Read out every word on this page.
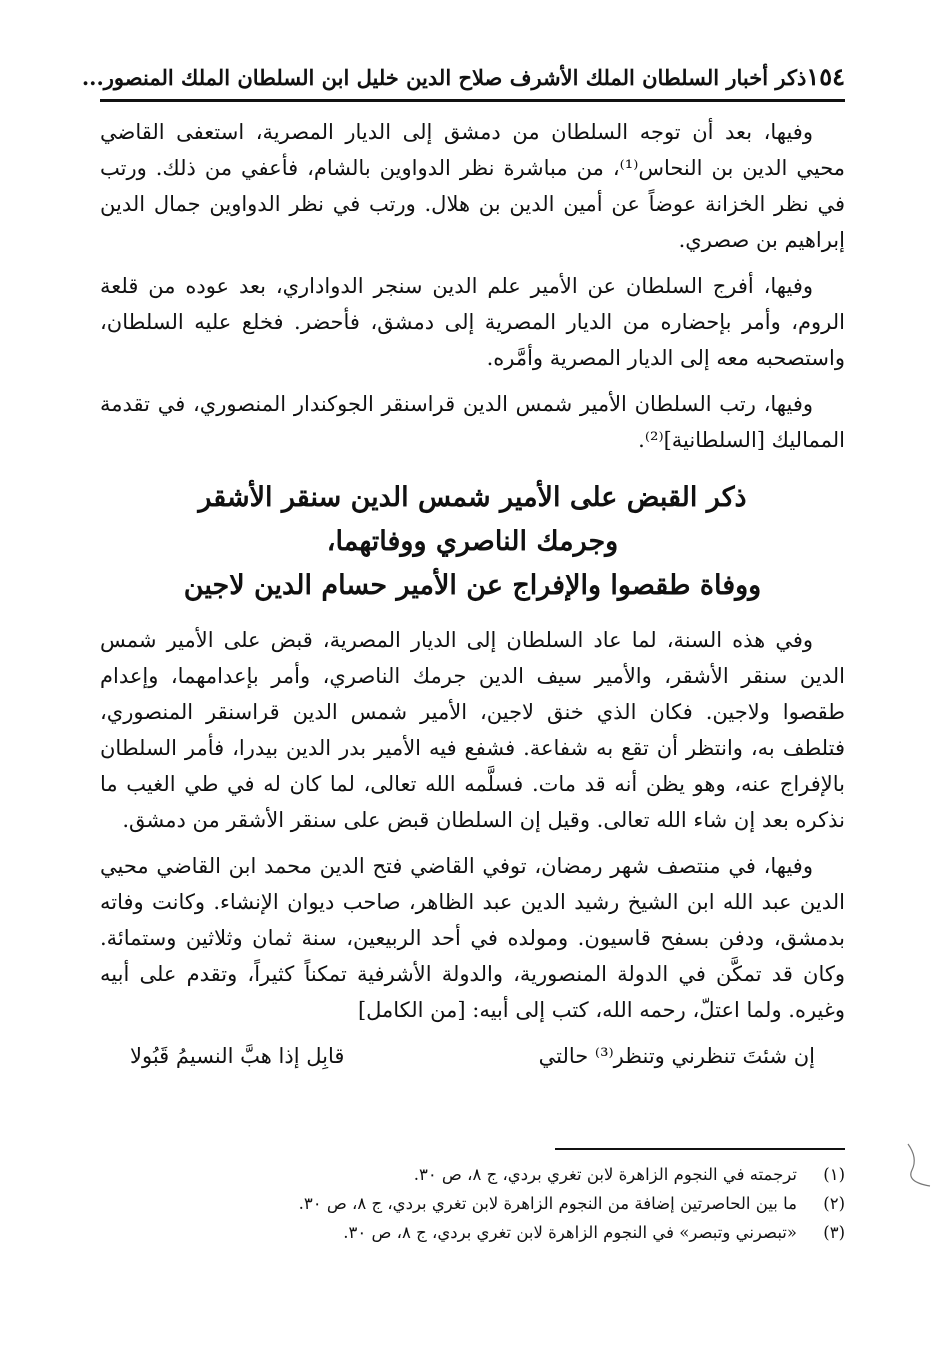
١٥٤
ذكر أخبار السلطان الملك الأشرف صلاح الدين خليل ابن السلطان الملك المنصور...

وفيها، بعد أن توجه السلطان من دمشق إلى الديار المصرية، استعفى القاضي محيي الدين بن النحاس⁽¹⁾، من مباشرة نظر الدواوين بالشام، فأعفي من ذلك. ورتب في نظر الخزانة عوضاً عن أمين الدين بن هلال. ورتب في نظر الدواوين جمال الدين إبراهيم بن صصري.

وفيها، أفرج السلطان عن الأمير علم الدين سنجر الدواداري، بعد عوده من قلعة الروم، وأمر بإحضاره من الديار المصرية إلى دمشق، فأحضر. فخلع عليه السلطان، واستصحبه معه إلى الديار المصرية وأمَّره.

وفيها، رتب السلطان الأمير شمس الدين قراسنقر الجوكندار المنصوري، في تقدمة المماليك [السلطانية]⁽²⁾.

ذكر القبض على الأمير شمس الدين سنقر الأشقر
وجرمك الناصري ووفاتهما،
ووفاة طقصوا والإفراج عن الأمير حسام الدين لاجين

وفي هذه السنة، لما عاد السلطان إلى الديار المصرية، قبض على الأمير شمس الدين سنقر الأشقر، والأمير سيف الدين جرمك الناصري، وأمر بإعدامهما، وإعدام طقصوا ولاجين. فكان الذي خنق لاجين، الأمير شمس الدين قراسنقر المنصوري، فتلطف به، وانتظر أن تقع به شفاعة. فشفع فيه الأمير بدر الدين بيدرا، فأمر السلطان بالإفراج عنه، وهو يظن أنه قد مات. فسلَّمه الله تعالى، لما كان له في طي الغيب ما نذكره بعد إن شاء الله تعالى. وقيل إن السلطان قبض على سنقر الأشقر من دمشق.

وفيها، في منتصف شهر رمضان، توفي القاضي فتح الدين محمد ابن القاضي محيي الدين عبد الله ابن الشيخ رشيد الدين عبد الظاهر، صاحب ديوان الإنشاء. وكانت وفاته بدمشق، ودفن بسفح قاسيون. ومولده في أحد الربيعين، سنة ثمان وثلاثين وستمائة. وكان قد تمكَّن في الدولة المنصورية، والدولة الأشرفية تمكناً كثيراً، وتقدم على أبيه وغيره. ولما اعتلّ، رحمه الله، كتب إلى أبيه: [من الكامل]

إن شئتَ تنظرني وتنظر⁽³⁾ حالتي
قابِل إذا هبَّ النسيمُ قَبُولا
(١)
ترجمته في النجوم الزاهرة لابن تغري بردي، ج ٨، ص ٣٠.
(٢)
ما بين الحاصرتين إضافة من النجوم الزاهرة لابن تغري بردي، ج ٨، ص ٣٠.
(٣)
«تبصرني وتبصر» في النجوم الزاهرة لابن تغري بردي، ج ٨، ص ٣٠.
